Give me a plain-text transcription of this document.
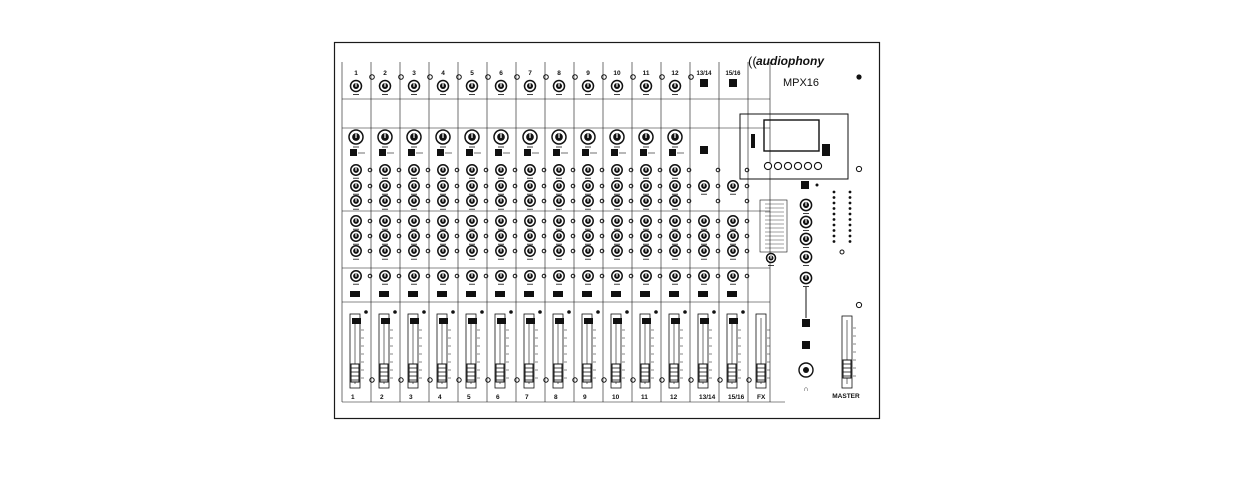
1
1
2
2
3
3
4
4
5
5
6
6
7
7
8
8
9
9
10
10
11
11
12
12
13/14
13/14
15/16
15/16 FX
audiophony
((
MPX16
∩
MASTER
